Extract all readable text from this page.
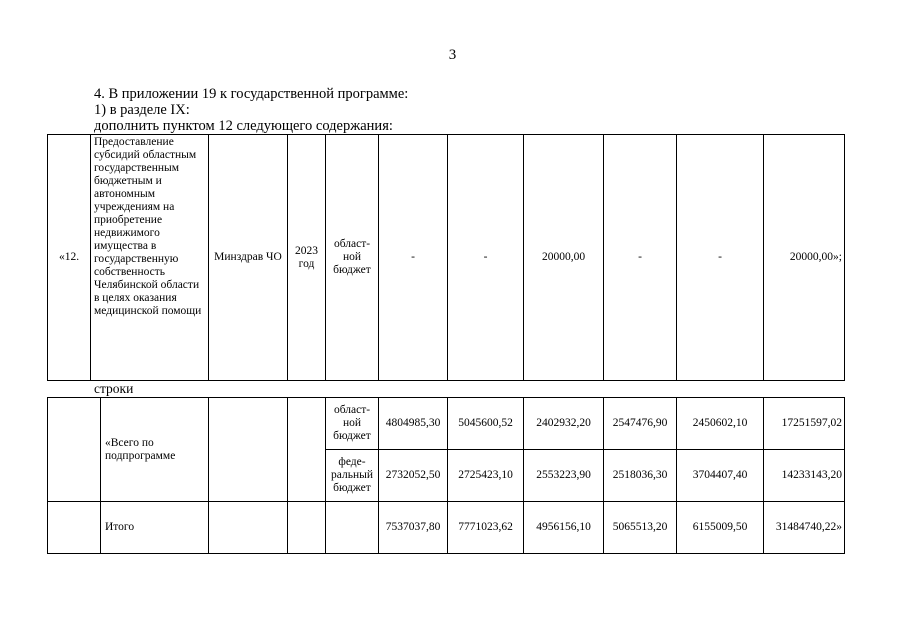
3
4. В приложении 19 к государственной программе:
1) в разделе IX:
дополнить пунктом 12 следующего содержания:
«12.	Предоставление субсидий областным государственным бюджетным и автономным учреждениям на приобретение недвижимого имущества в государственную собственность Челябинской области в целях оказания медицинской помощи	Минздрав ЧО	2023 год	област-ной бюджет	-	-	20000,00	-	-	20000,00»;
строки
	«Всего по подпрограмме			област-ной бюджет	4804985,30	5045600,52	2402932,20	2547476,90	2450602,10	17251597,02
				феде-ральный бюджет	2732052,50	2725423,10	2553223,90	2518036,30	3704407,40	14233143,20
	Итого				7537037,80	7771023,62	4956156,10	5065513,20	6155009,50	31484740,22»
